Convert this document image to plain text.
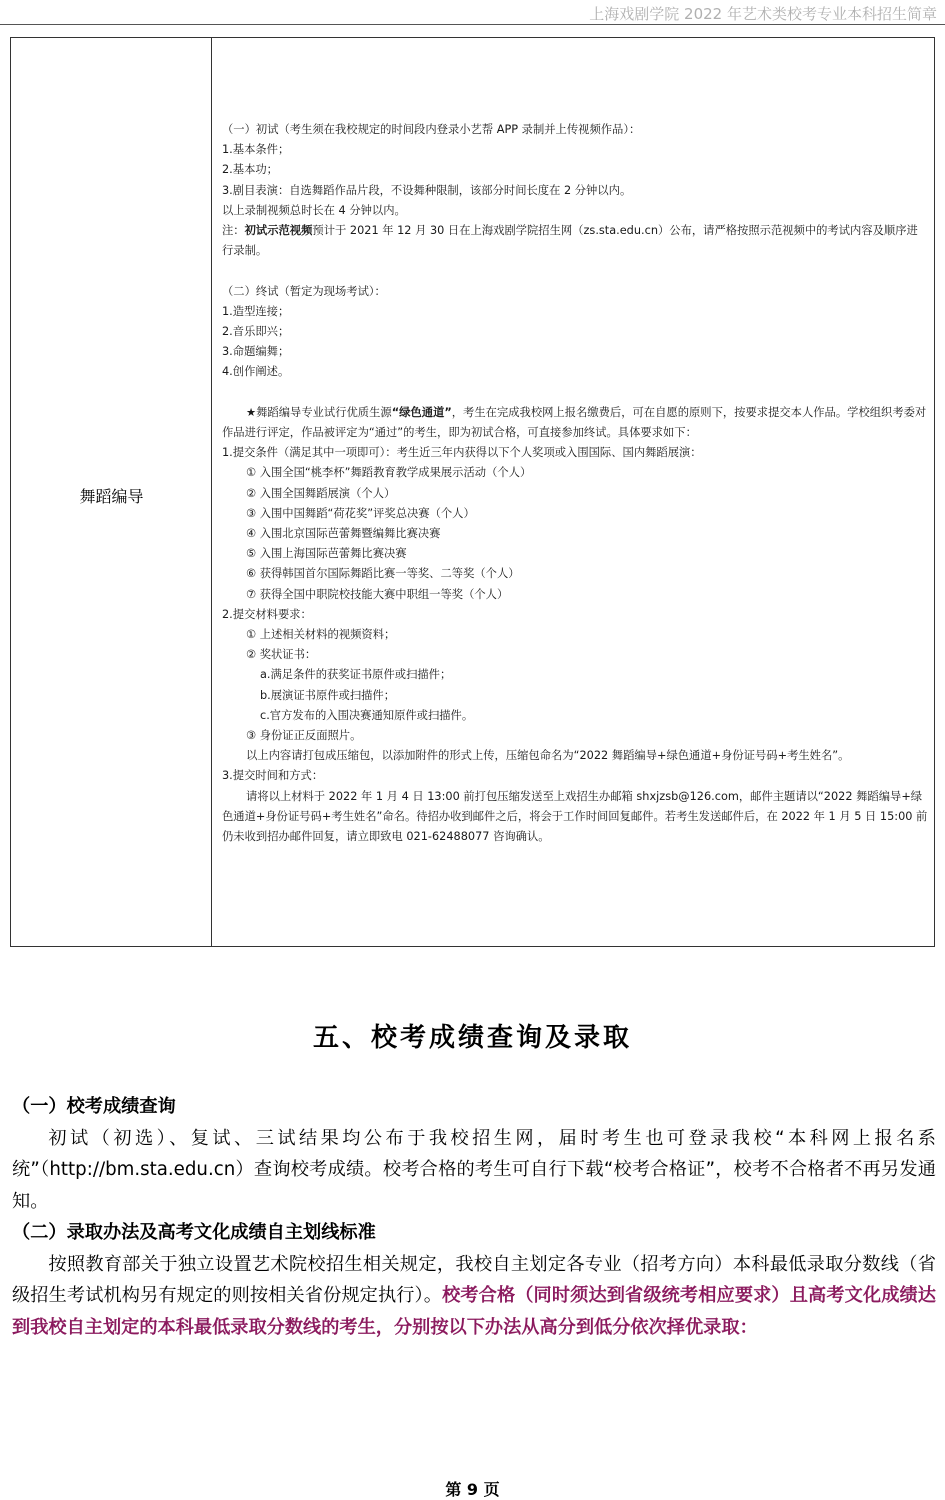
上海戏剧学院 2022 年艺术类校考专业本科招生简章
舞蹈编导

（一）初试（考生须在我校规定的时间段内登录小艺帮 APP 录制并上传视频作品）：

1.基本条件；

2.基本功；

3.剧目表演：自选舞蹈作品片段，不设舞种限制，该部分时间长度在 2 分钟以内。

以上录制视频总时长在 4 分钟以内。

注：初试示范视频预计于 2021 年 12 月 30 日在上海戏剧学院招生网（zs.sta.edu.cn）公布，请严格按照示范视频中的考试内容及顺序进行录制。

（二）终试（暂定为现场考试）：

1.造型连接；

2.音乐即兴；

3.命题编舞；

4.创作阐述。

★舞蹈编导专业试行优质生源“绿色通道”，考生在完成我校网上报名缴费后，可在自愿的原则下，按要求提交本人作品。学校组织考委对作品进行评定，作品被评定为“通过”的考生，即为初试合格，可直接参加终试。具体要求如下：

1.提交条件（满足其中一项即可）：考生近三年内获得以下个人奖项或入围国际、国内舞蹈展演：

① 入围全国“桃李杯”舞蹈教育教学成果展示活动（个人）

② 入围全国舞蹈展演（个人）

③ 入围中国舞蹈“荷花奖”评奖总决赛（个人）

④ 入围北京国际芭蕾舞暨编舞比赛决赛

⑤ 入围上海国际芭蕾舞比赛决赛

⑥ 获得韩国首尔国际舞蹈比赛一等奖、二等奖（个人）

⑦ 获得全国中职院校技能大赛中职组一等奖（个人）

2.提交材料要求：

① 上述相关材料的视频资料；

② 奖状证书：

a.满足条件的获奖证书原件或扫描件；

b.展演证书原件或扫描件；

c.官方发布的入围决赛通知原件或扫描件。

③ 身份证正反面照片。

以上内容请打包成压缩包，以添加附件的形式上传，压缩包命名为“2022 舞蹈编导+绿色通道+身份证号码+考生姓名”。

3.提交时间和方式：

请将以上材料于 2022 年 1 月 4 日 13:00 前打包压缩发送至上戏招生办邮箱 shxjzsb@126.com，邮件主题请以“2022 舞蹈编导+绿色通道+身份证号码+考生姓名”命名。待招办收到邮件之后，将会于工作时间回复邮件。若考生发送邮件后，在 2022 年 1 月 5 日 15:00 前仍未收到招办邮件回复，请立即致电 021-62488077 咨询确认。

五、校考成绩查询及录取

（一）校考成绩查询

初试（初选）、复试、三试结果均公布于我校招生网，届时考生也可登录我校“本科网上报名系统”（http://bm.sta.edu.cn）查询校考成绩。校考合格的考生可自行下载“校考合格证”，校考不合格者不再另发通知。

（二）录取办法及高考文化成绩自主划线标准

按照教育部关于独立设置艺术院校招生相关规定，我校自主划定各专业（招考方向）本科最低录取分数线（省级招生考试机构另有规定的则按相关省份规定执行）。校考合格（同时须达到省级统考相应要求）且高考文化成绩达到我校自主划定的本科最低录取分数线的考生，分别按以下办法从高分到低分依次择优录取：

第 9 页
